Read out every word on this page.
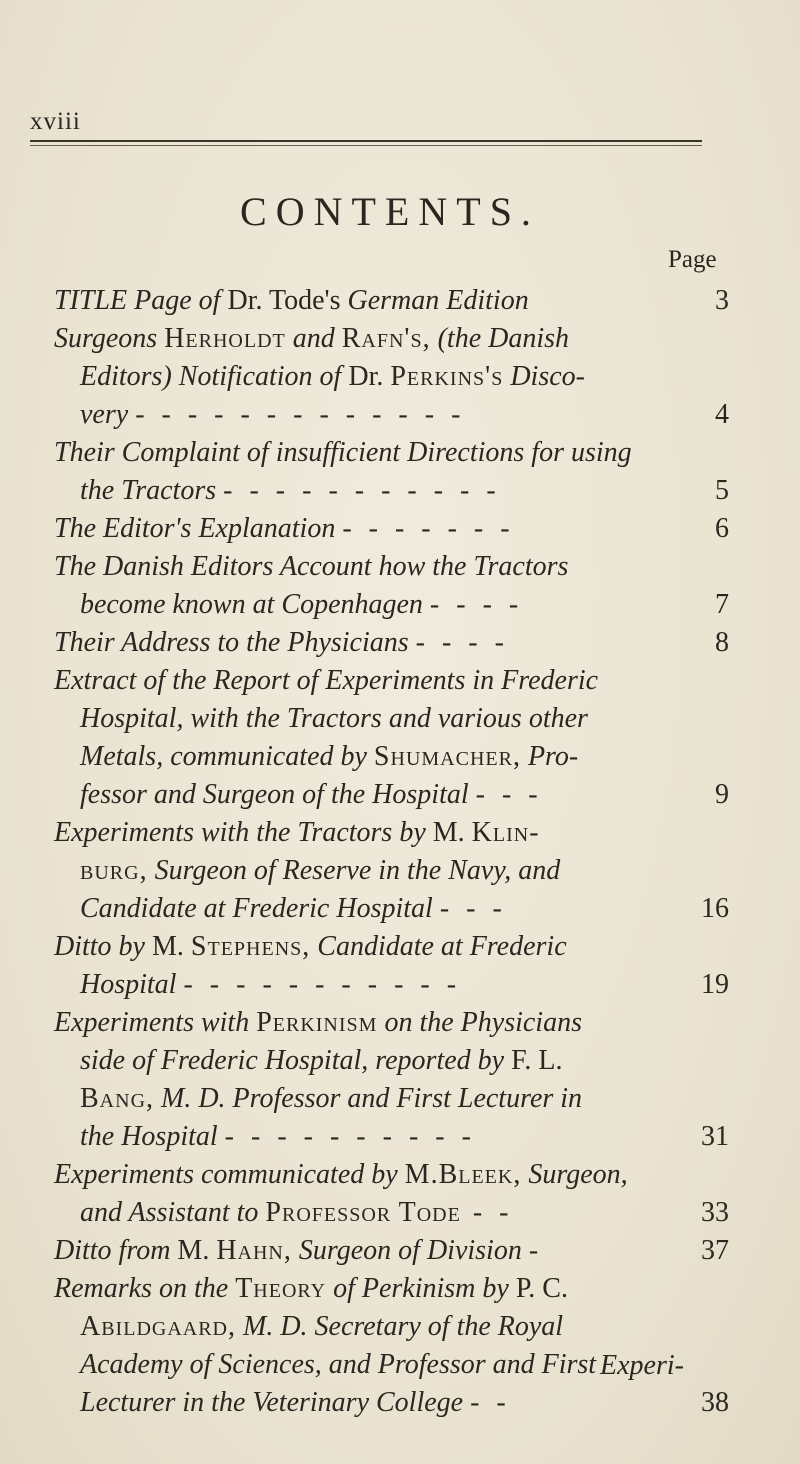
xviii
CONTENTS.
Page
TITLE Page of Dr. Tode's German Edition	3
Surgeons Herholdt and Rafn's, (the Danish
Editors) Notification of Dr. Perkins's Disco-
very - - - - - - - - - - - - -	4
Their Complaint of insufficient Directions for using
the Tractors - - - - - - - - - - -	5
The Editor's Explanation - - - - - - -	6
The Danish Editors Account how the Tractors
become known at Copenhagen - - - -	7
Their Address to the Physicians - - - -	8
Extract of the Report of Experiments in Frederic
Hospital, with the Tractors and various other
Metals, communicated by Shumacher, Pro-
fessor and Surgeon of the Hospital - - -	9
Experiments with the Tractors by M. Klin-
burg, Surgeon of Reserve in the Navy, and
Candidate at Frederic Hospital - - -	16
Ditto by M. Stephens, Candidate at Frederic
Hospital - - - - - - - - - - -	19
Experiments with Perkinism on the Physicians
side of Frederic Hospital, reported by F. L.
Bang, M. D. Professor and First Lecturer in
the Hospital - - - - - - - - - -	31
Experiments communicated by M.Bleek, Surgeon,
and Assistant to Professor Tode - -	33
Ditto from M. Hahn, Surgeon of Division -	37
Remarks on the Theory of Perkinism by P. C.
Abildgaard, M. D. Secretary of the Royal
Academy of Sciences, and Professor and First
Lecturer in the Veterinary College - -	38
Experi-
